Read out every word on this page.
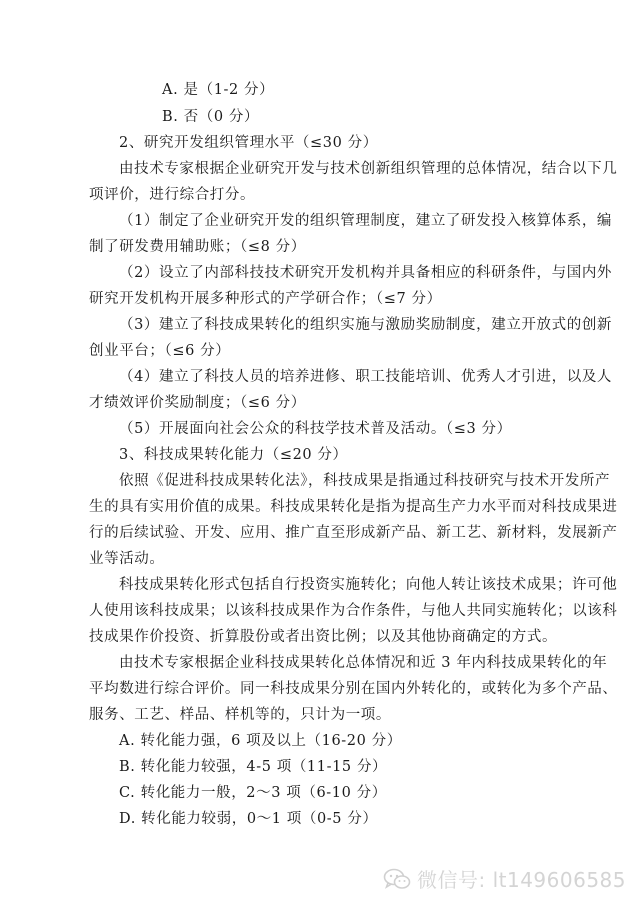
A. 是（1-2 分）
B. 否（0 分）
2、研究开发组织管理水平（≤30 分）
由技术专家根据企业研究开发与技术创新组织管理的总体情况，结合以下几
项评价，进行综合打分。
（1）制定了企业研究开发的组织管理制度，建立了研发投入核算体系，编
制了研发费用辅助账；（≤8 分）
（2）设立了内部科技技术研究开发机构并具备相应的科研条件，与国内外
研究开发机构开展多种形式的产学研合作；（≤7 分）
（3）建立了科技成果转化的组织实施与激励奖励制度，建立开放式的创新
创业平台；（≤6 分）
（4）建立了科技人员的培养进修、职工技能培训、优秀人才引进，以及人
才绩效评价奖励制度；（≤6 分）
（5）开展面向社会公众的科技学技术普及活动。（≤3 分）
3、科技成果转化能力（≤20 分）
依照《促进科技成果转化法》，科技成果是指通过科技研究与技术开发所产
生的具有实用价值的成果。科技成果转化是指为提高生产力水平而对科技成果进
行的后续试验、开发、应用、推广直至形成新产品、新工艺、新材料，发展新产
业等活动。
科技成果转化形式包括自行投资实施转化；向他人转让该技术成果；许可他
人使用该科技成果；以该科技成果作为合作条件，与他人共同实施转化；以该科
技成果作价投资、折算股份或者出资比例；以及其他协商确定的方式。
由技术专家根据企业科技成果转化总体情况和近 3 年内科技成果转化的年
平均数进行综合评价。同一科技成果分别在国内外转化的，或转化为多个产品、
服务、工艺、样品、样机等的，只计为一项。
A. 转化能力强，6 项及以上（16-20 分）
B. 转化能力较强，4-5 项（11-15 分）
C. 转化能力一般，2～3 项（6-10 分）
D. 转化能力较弱，0～1 项（0-5 分）
微信号: lt149606585
